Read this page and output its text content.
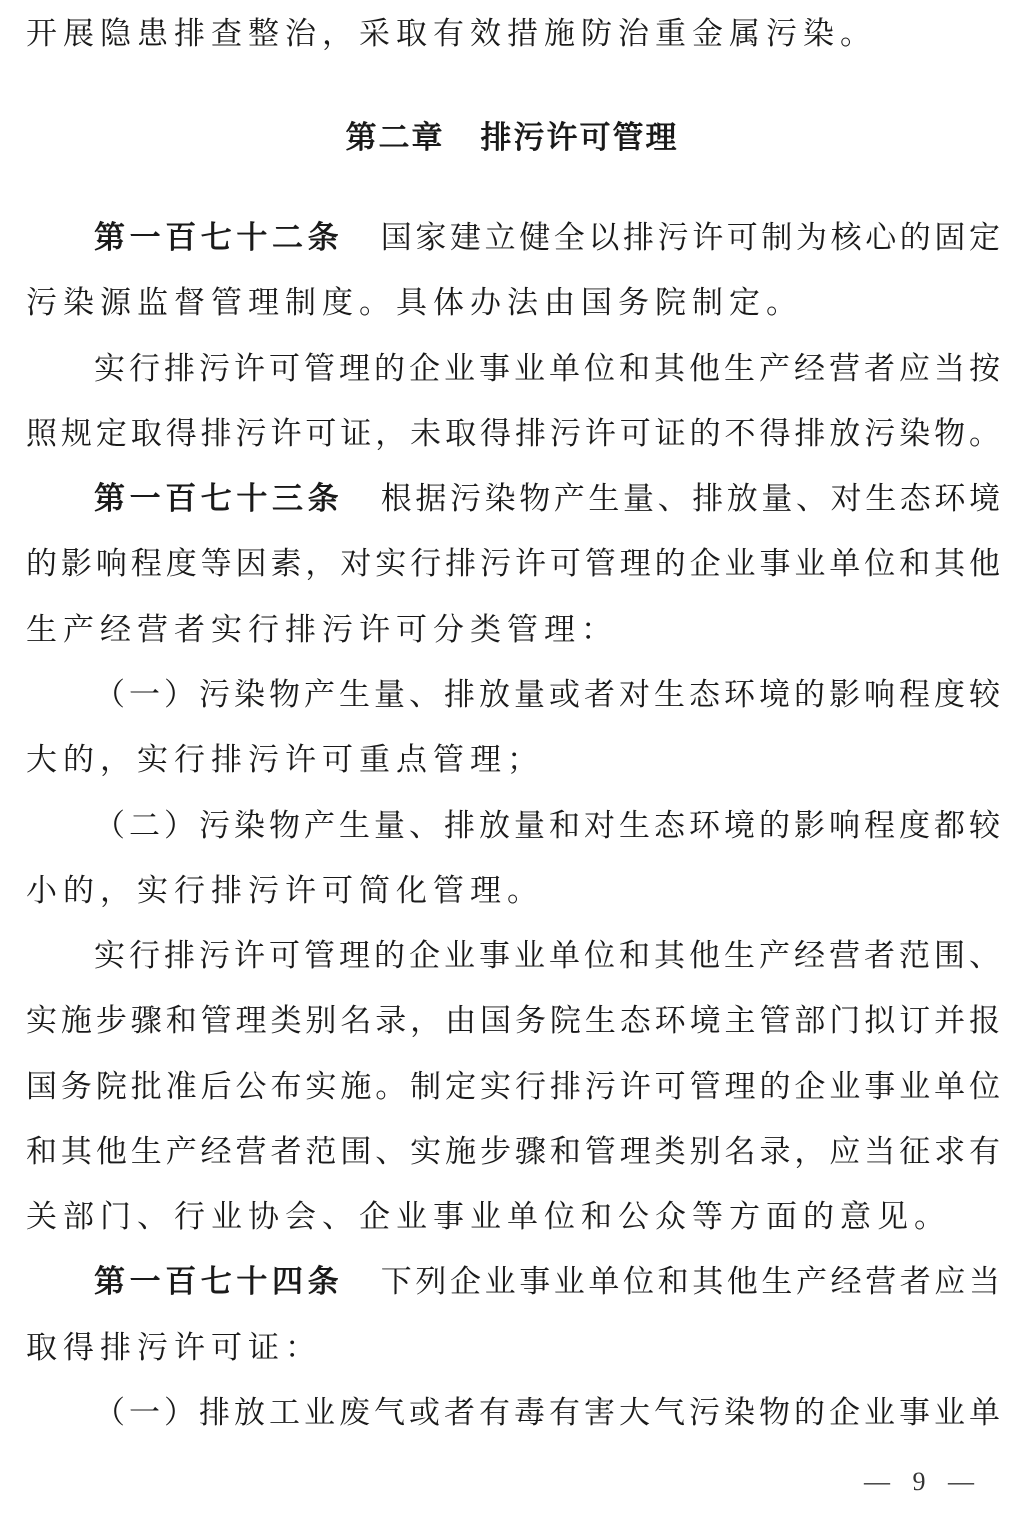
开展隐患排查整治，采取有效措施防治重金属污染。
第二章 排污许可管理
第一百七十二条 国家建立健全以排污许可制为核心的固定
污染源监督管理制度。具体办法由国务院制定。
实行排污许可管理的企业事业单位和其他生产经营者应当按
照规定取得排污许可证，未取得排污许可证的不得排放污染物。
第一百七十三条 根据污染物产生量、排放量、对生态环境
的影响程度等因素，对实行排污许可管理的企业事业单位和其他
生产经营者实行排污许可分类管理：
（一）污染物产生量、排放量或者对生态环境的影响程度较
大的，实行排污许可重点管理；
（二）污染物产生量、排放量和对生态环境的影响程度都较
小的，实行排污许可简化管理。
实行排污许可管理的企业事业单位和其他生产经营者范围、
实施步骤和管理类别名录，由国务院生态环境主管部门拟订并报
国务院批准后公布实施。制定实行排污许可管理的企业事业单位
和其他生产经营者范围、实施步骤和管理类别名录，应当征求有
关部门、行业协会、企业事业单位和公众等方面的意见。
第一百七十四条 下列企业事业单位和其他生产经营者应当
取得排污许可证：
（一）排放工业废气或者有毒有害大气污染物的企业事业单
— 9 —
